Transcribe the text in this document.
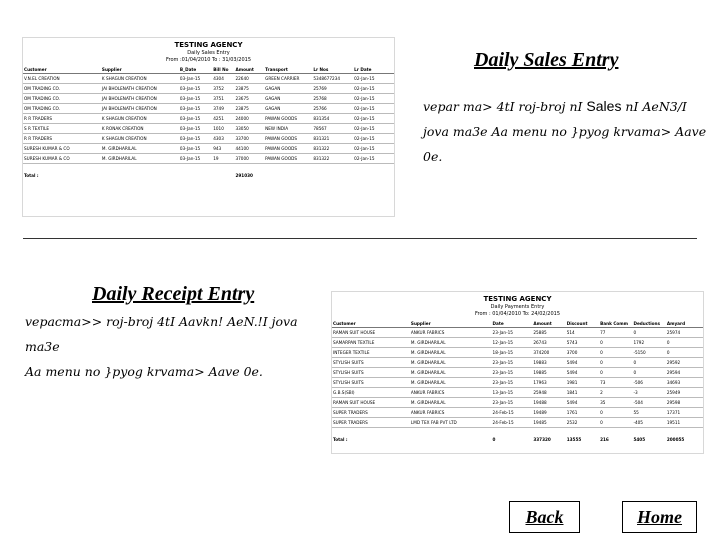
TESTING AGENCY
Daily Sales Entry
From :01/04/2010 To : 31/03/2015
Customer	Supplier	B_Date	Bill No	Amount	Transport	Lr Nos	Lr Date
V.N.EL CREATION	K SHAGUN CREATION	03-Jan-15	4304	22640	GREEN CARRIER	5348677234	02-Jan-15
OM TRADING CO.	JAI BHOLENATH CREATION	03-Jan-15	3752	23875	GAGAN	25769	02-Jan-15
OM TRADING CO.	JAI BHOLENATH CREATION	03-Jan-15	3751	23675	GAGAN	25768	02-Jan-15
OM TRADING CO.	JAI BHOLENATH CREATION	03-Jan-15	3749	23875	GAGAN	25766	02-Jan-15
R R TRADERS	K SHAGUN CREATION	03-Jan-15	4251	24000	PAWAN GOODS	831354	02-Jan-15
S R TEXTILE	K RONAK CREATION	03-Jan-15	1010	33050	NEW INDIA	78567	02-Jan-15
R R TRADERS	K SHAGUN CREATION	03-Jan-15	4303	33700	PAWAN GOODS	831321	02-Jan-15
SURESH KUMAR & CO	M. GIRDHARILAL	03-Jan-15	943	44100	PAWAN GOODS	831322	02-Jan-15
SURESH KUMAR & CO	M. GIRDHARILAL	03-Jan-15	19	37000	PAWAN GOODS	831322	02-Jan-15
Total :				291030			
Daily Sales Entry
vepar ma> 4tI roj-broj nI Sales nI AeN3/I
jova ma3e Aa menu no }pyog krvama> Aave
0e.
Daily Receipt Entry
vepacma>> roj-broj 4tI Aavkn! AeN.!I jova ma3e
Aa menu no }pyog krvama> Aave 0e.
TESTING AGENCY
Daily Payments Entry
From : 01/04/2010 To: 24/02/2015
Customer	Supplier	Date	Amount	Discount	Bank Comm	Deductions	Amyard
RAMAN SUIT HOUSE	ANKUR FABRICS	23-Jan-15	25885	514	77	0	25974
SAMARPAN TEXTILE	M. GIRDHARILAL	12-Jan-15	26743	5743	0	1792	0
INTEGER TEXTILE	M. GIRDHARILAL	18-Jan-15	374200	3700	0	-5150	0
STYLISH SUITS	M. GIRDHARILAL	23-Jan-15	19883	5494	0	0	29592
STYLISH SUITS	M. GIRDHARILAL	23-Jan-15	19885	5494	0	0	29594
STYLISH SUITS	M. GIRDHARILAL	23-Jan-15	17963	1981	73	-506	34693
G.B.S(SBI)	ANKUR FABRICS	13-Jan-15	25948	1841	2	-3	25949
RAMAN SUIT HOUSE	M. GIRDHARILAL	23-Jan-15	19488	5494	35	-504	29598
SUPER TRADERS	ANKUR FABRICS	24-Feb-15	19489	1761	0	55	17371
SUPER TRADERS	LMD TEX FAB PVT LTD	24-Feb-15	19485	2532	0	-405	19511
Total :		0	337320	13555	216	5405	200055
Back	Home
